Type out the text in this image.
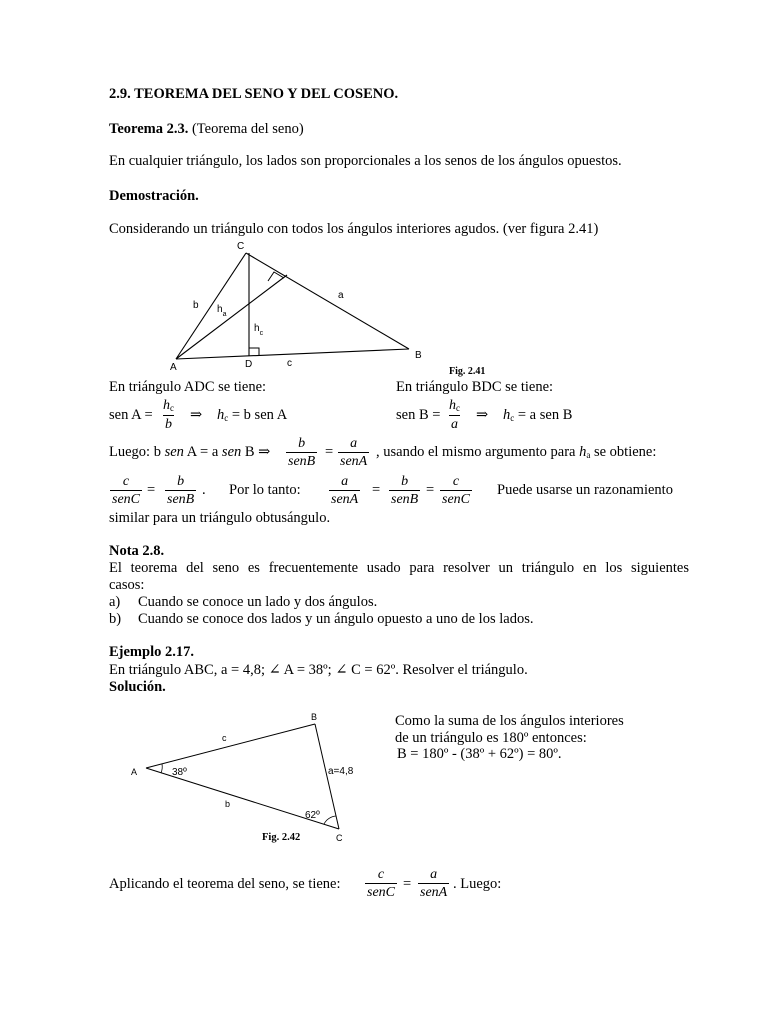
2.9. TEOREMA DEL SENO Y DEL COSENO.
Teorema 2.3. (Teorema del seno)
En cualquier triángulo, los lados son proporcionales a los senos de los ángulos opuestos.
Demostración.
Considerando un triángulo con todos los ángulos interiores agudos. (ver figura 2.41)
C
A
B
D
a
b
c
$h_a$
$h_c$
Fig. 2.41
En triángulo ADC se tiene:	En triángulo BDC se tiene:
sen $A = \frac{hc}{b}$ ⇒ hc = b sen A	sen $B = \frac{hc}{a}$ ⇒ hc = a sen B
Luego: b sen A = a sen B ⇒
b
senB
=
a
senA
, usando el mismo argumento para ha se obtiene:
c
senC
=
b
senB
. Por lo tanto:
a
senA
=
b
senB
=
c
senC
Puede usarse un razonamiento
similar para un triángulo obtusángulo.
Nota 2.8.
El teorema del seno es frecuentemente usado para resolver un triángulo en los siguientes
casos:
a) Cuando se conoce un lado y dos ángulos.
b) Cuando se conoce dos lados y un ángulo opuesto a uno de los lados.
Ejemplo 2.17.
En triángulo ABC, a = 4,8; ∠ A = 38º; ∠ C = 62º. Resolver el triángulo.
Solución.
B
A
C
c
b
a=4,8
38º
62º
Fig. 2.42
Como la suma de los ángulos interiores
de un triángulo es 180º entonces:
B = 180º - (38º + 62º) = 80º.
Aplicando el teorema del seno, se tiene:
c
senC
=
a
senA
. Luego:
